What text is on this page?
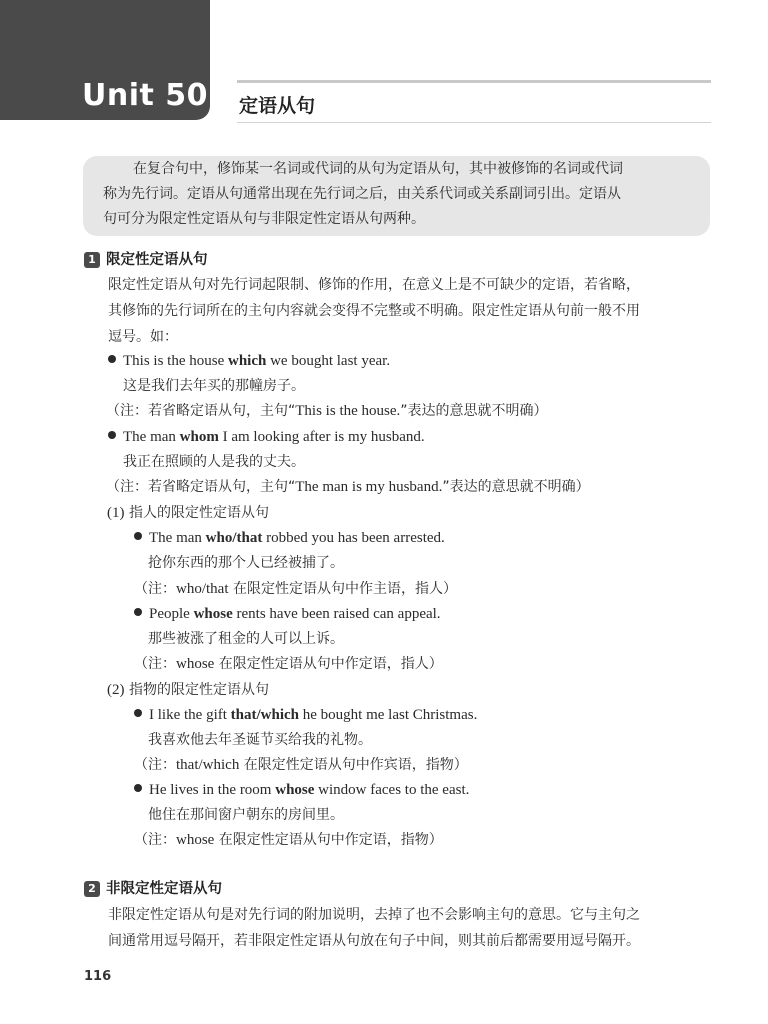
Unit 50 定语从句
在复合句中，修饰某一名词或代词的从句为定语从句，其中被修饰的名词或代词
称为先行词。定语从句通常出现在先行词之后，由关系代词或关系副词引出。定语从
句可分为限定性定语从句与非限定性定语从句两种。
1 限定性定语从句
限定性定语从句对先行词起限制、修饰的作用，在意义上是不可缺少的定语，若省略，
其修饰的先行词所在的主句内容就会变得不完整或不明确。限定性定语从句前一般不用
逗号。如：
This is the house which we bought last year.
这是我们去年买的那幢房子。
（注：若省略定语从句，主句“This is the house.”表达的意思就不明确）
The man whom I am looking after is my husband.
我正在照顾的人是我的丈夫。
（注：若省略定语从句，主句“The man is my husband.”表达的意思就不明确）
(1) 指人的限定性定语从句
The man who/that robbed you has been arrested.
抢你东西的那个人已经被捕了。
（注：who/that 在限定性定语从句中作主语，指人）
People whose rents have been raised can appeal.
那些被涨了租金的人可以上诉。
（注：whose 在限定性定语从句中作定语，指人）
(2) 指物的限定性定语从句
I like the gift that/which he bought me last Christmas.
我喜欢他去年圣诞节买给我的礼物。
（注：that/which 在限定性定语从句中作宾语，指物）
He lives in the room whose window faces to the east.
他住在那间窗户朝东的房间里。
（注：whose 在限定性定语从句中作定语，指物）
2 非限定性定语从句
非限定性定语从句是对先行词的附加说明，去掉了也不会影响主句的意思。它与主句之
间通常用逗号隔开，若非限定性定语从句放在句子中间，则其前后都需要用逗号隔开。
116
